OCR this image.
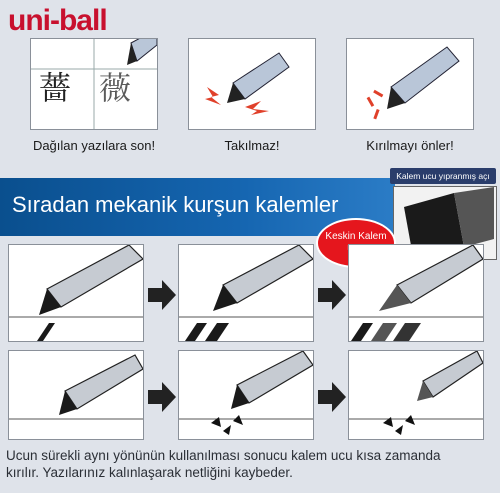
uni-ball
薔 薇
Dağılan yazılara son!	Takılmaz!	Kırılmayı önler!
Sıradan mekanik kurşun kalemler
Kalem ucu yıpranmış açı
Keskin Kalem
Ucun sürekli aynı yönünün kullanılması sonucu kalem ucu kısa zamanda
kırılır. Yazılarınız kalınlaşarak netliğini kaybeder.
